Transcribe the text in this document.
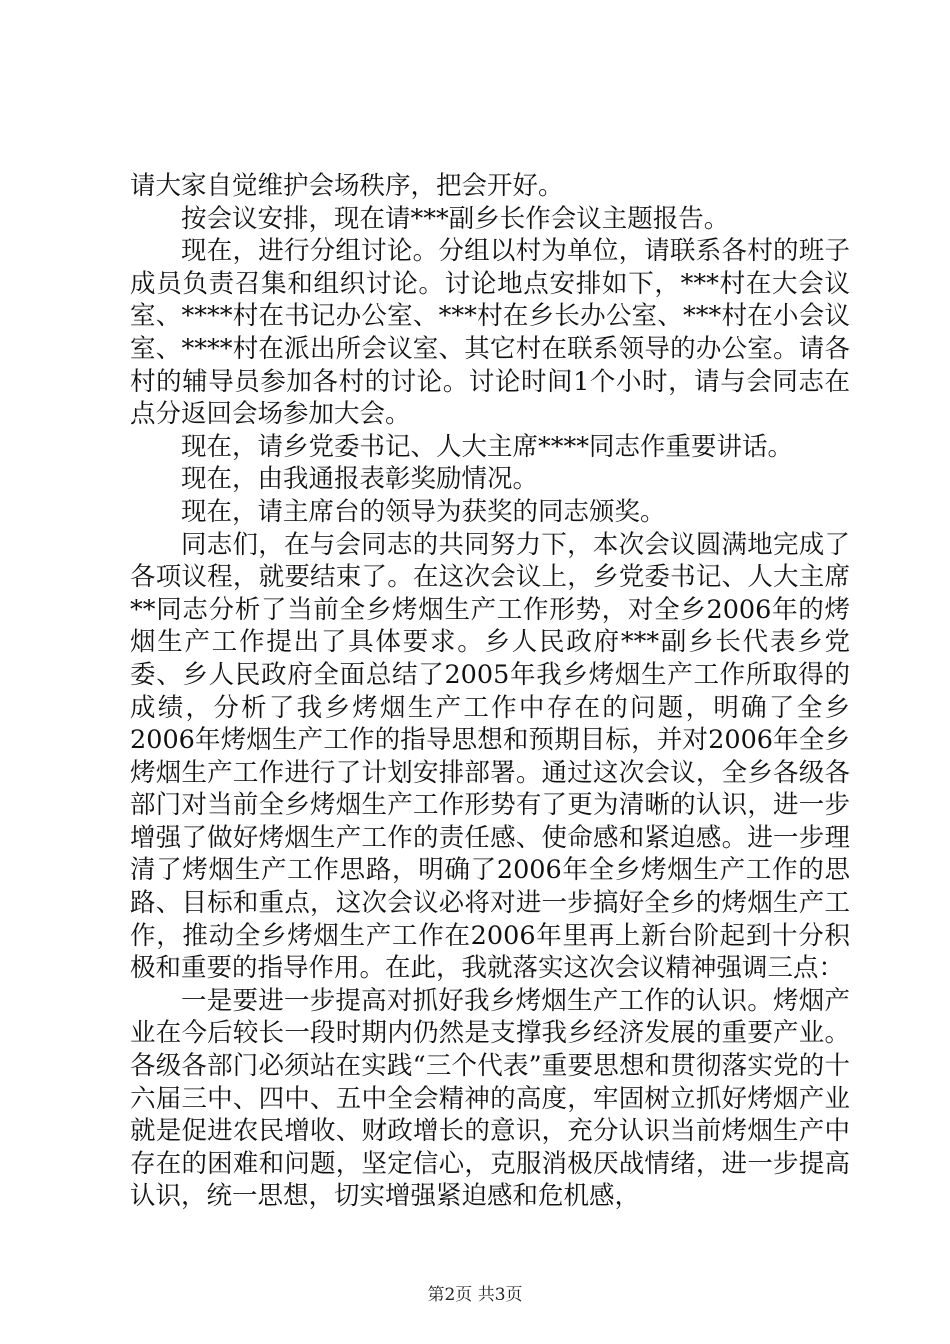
请大家自觉维护会场秩序，把会开好。

按会议安排，现在请***副乡长作会议主题报告。

现在，进行分组讨论。分组以村为单位，请联系各村的班子成员负责召集和组织讨论。讨论地点安排如下，***村在大会议室、****村在书记办公室、***村在乡长办公室、***村在小会议室、****村在派出所会议室、其它村在联系领导的办公室。请各村的辅导员参加各村的讨论。讨论时间1个小时，请与会同志在点分返回会场参加大会。

现在，请乡党委书记、人大主席****同志作重要讲话。

现在，由我通报表彰奖励情况。

现在，请主席台的领导为获奖的同志颁奖。

同志们，在与会同志的共同努力下，本次会议圆满地完成了各项议程，就要结束了。在这次会议上，乡党委书记、人大主席**同志分析了当前全乡烤烟生产工作形势，对全乡2006年的烤烟生产工作提出了具体要求。乡人民政府***副乡长代表乡党委、乡人民政府全面总结了2005年我乡烤烟生产工作所取得的成绩，分析了我乡烤烟生产工作中存在的问题，明确了全乡2006年烤烟生产工作的指导思想和预期目标，并对2006年全乡烤烟生产工作进行了计划安排部署。通过这次会议，全乡各级各部门对当前全乡烤烟生产工作形势有了更为清晰的认识，进一步增强了做好烤烟生产工作的责任感、使命感和紧迫感。进一步理清了烤烟生产工作思路，明确了2006年全乡烤烟生产工作的思路、目标和重点，这次会议必将对进一步搞好全乡的烤烟生产工作，推动全乡烤烟生产工作在2006年里再上新台阶起到十分积极和重要的指导作用。在此，我就落实这次会议精神强调三点：

一是要进一步提高对抓好我乡烤烟生产工作的认识。烤烟产业在今后较长一段时期内仍然是支撑我乡经济发展的重要产业。各级各部门必须站在实践“三个代表”重要思想和贯彻落实党的十六届三中、四中、五中全会精神的高度，牢固树立抓好烤烟产业就是促进农民增收、财政增长的意识，充分认识当前烤烟生产中存在的困难和问题，坚定信心，克服消极厌战情绪，进一步提高认识，统一思想，切实增强紧迫感和危机感，

第2页 共3页
